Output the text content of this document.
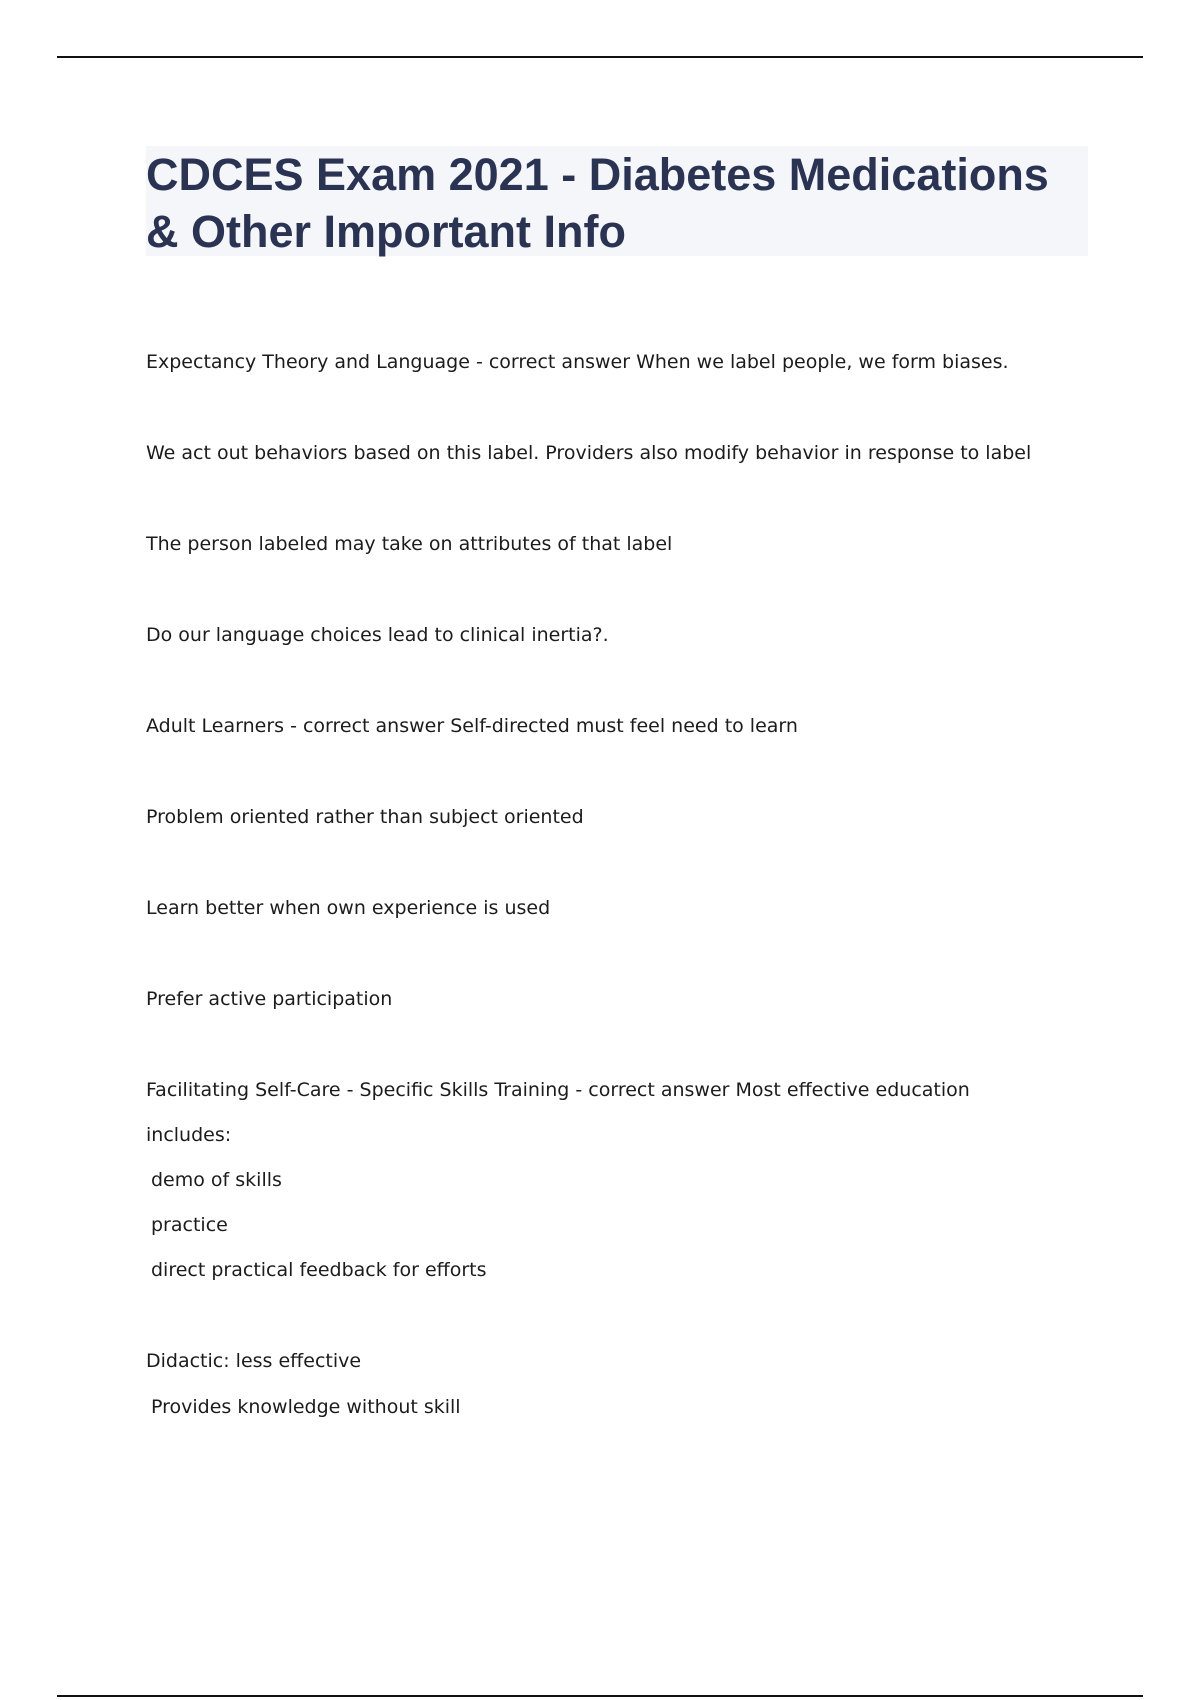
CDCES Exam 2021 - Diabetes Medications & Other Important Info
Expectancy Theory and Language - correct answer When we label people, we form biases.
We act out behaviors based on this label. Providers also modify behavior in response to label
The person labeled may take on attributes of that label
Do our language choices lead to clinical inertia?.
Adult Learners - correct answer Self-directed must feel need to learn
Problem oriented rather than subject oriented
Learn better when own experience is used
Prefer active participation
Facilitating Self-Care - Specific Skills Training - correct answer Most effective education
includes:
demo of skills
practice
direct practical feedback for efforts
Didactic: less effective
Provides knowledge without skill
